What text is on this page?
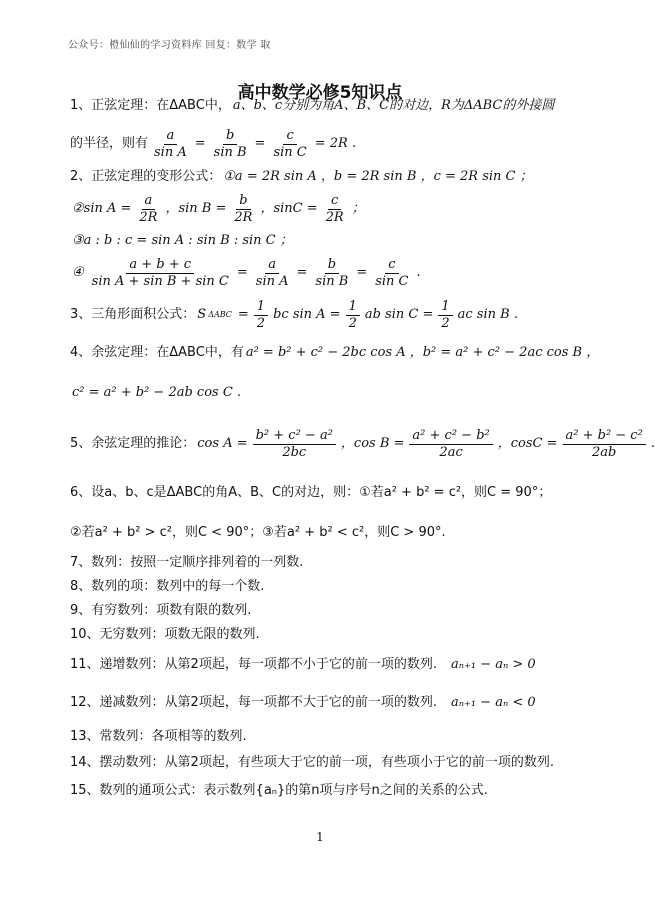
公众号：橙仙仙的学习资料库 回复：数学 取
高中数学必修5知识点
1、正弦定理：在ΔABC中， a、b、c分别为角A、B、C的对边，R为ΔABC的外接圆
的半径，则有 $\frac{a}{\text{sin A}} = \frac{b}{\text{sin B}} = \frac{c}{\text{sin C}} = 2R$ .
2、正弦定理的变形公式： ①a = 2R sin A ，b = 2R sin B ，c = 2R sin C ；
②sin $A = \frac{a}{2R}$ ，$\sin B = \frac{b}{2R}$ ，$\sin C = \frac{c}{2R}$ ；
③a : b : c = sin A : sin B : sin C ；
④ $\frac{a + b + c}{\text{sin A + sin B + sin C}} = \frac{a}{\text{sin A}} = \frac{b}{\text{sin B}} = \frac{c}{\text{sin C}}$ .
3、三角形面积公式： S $\Delta ABC = \frac{1}{2}$ bc $\sin A = \frac{1}{2}$ ab $\sin C = \frac{1}{2}$ ac sin B .
4、余弦定理：在ΔABC中，有 a² = b² + c² − 2bc cos A ，b² = a² + c² − 2ac cos B ，
c² = a² + b² − 2ab cos C .
5、余弦定理的推论： $\cos A = \frac{\text{b² + c² − a²}}{2bc}$ ，$\cos B = \frac{\text{a² + c² − b²}}{2ac}$ ，$\cos C = \frac{\text{a² + b² − c²}}{2ab}$ .
6、设a、b、c是ΔABC的角A、B、C的对边，则：①若a² + b² = c²，则C = 90°；
②若a² + b² > c²，则C < 90°；③若a² + b² < c²，则C > 90°.
7、数列：按照一定顺序排列着的一列数.
8、数列的项：数列中的每一个数.
9、有穷数列：项数有限的数列.
10、无穷数列：项数无限的数列.
11、递增数列：从第2项起，每一项都不小于它的前一项的数列. aₙ₊₁ − aₙ > 0
12、递减数列：从第2项起，每一项都不大于它的前一项的数列. aₙ₊₁ − aₙ < 0
13、常数列：各项相等的数列.
14、摆动数列：从第2项起，有些项大于它的前一项，有些项小于它的前一项的数列.
15、数列的通项公式：表示数列{aₙ}的第n项与序号n之间的关系的公式.
1
